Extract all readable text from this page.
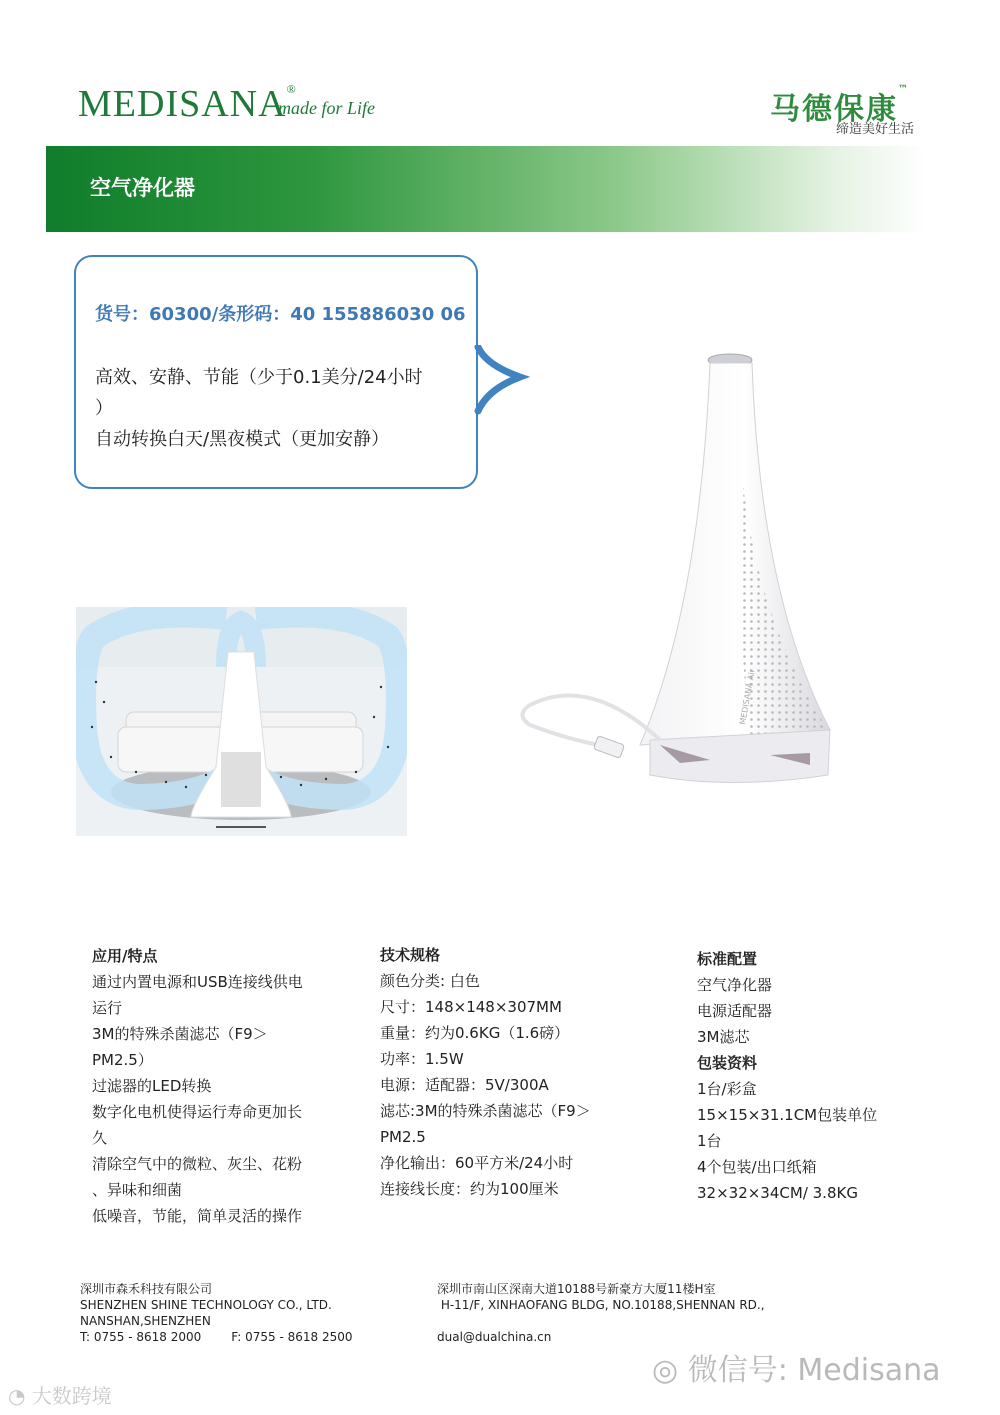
MEDISANA®
made for Life	马德保康™
缔造美好生活
空气净化器
货号：60300/条形码：40 155886030 06
高效、安静、节能（少于0.1美分/24小时
）
自动转换白天/黑夜模式（更加安静）
MEDISANA Air
应用/特点
通过内置电源和USB连接线供电
运行
3M的特殊杀菌滤芯（F9＞
PM2.5）
过滤器的LED转换
数字化电机使得运行寿命更加长
久
清除空气中的微粒、灰尘、花粉
、异味和细菌
低噪音，节能，简单灵活的操作
技术规格
颜色分类: 白色
尺寸：148×148×307MM
重量：约为0.6KG（1.6磅）
功率：1.5W
电源：适配器：5V/300A
滤芯:3M的特殊杀菌滤芯（F9＞
PM2.5
净化输出：60平方米/24小时
连接线长度：约为100厘米
标准配置
空气净化器
电源适配器
3M滤芯
包装资料
1台/彩盒
15×15×31.1CM包装单位
1台
4个包装/出口纸箱
32×32×34CM/ 3.8KG
深圳市森禾科技有限公司
SHENZHEN SHINE TECHNOLOGY CO., LTD.
NANSHAN,SHENZHEN
T: 0755 - 8618 2000	F: 0755 - 8618 2500
深圳市南山区深南大道10188号新豪方大厦11楼H室
H-11/F, XINHAOFANG BLDG, NO.10188,SHENNAN RD.,
dual@dualchina.cn
◎ 微信号: Medisana
◔ 大数跨境
